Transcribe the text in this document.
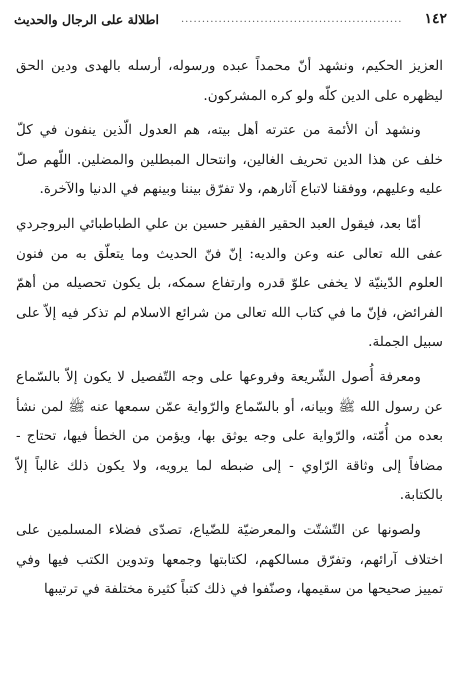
١٤٢
.....................................................
اطلالة على الرجال والحديث

العزيز الحكيم، ونشهد أنّ محمداً عبده ورسوله، أرسله بالهدى ودين الحق ليظهره على الدين كلّه ولو كره المشركون.

ونشهد أن الأئمة من عترته أهل بيته، هم العدول الّذين ينفون في كلّ خلف عن هذا الدين تحريف الغالين، وانتحال المبطلين والمضلين. اللّهم صلّ عليه وعليهم، ووفقنا لاتباع آثارهم، ولا تفرّق بيننا وبينهم في الدنيا والآخرة.

أمّا بعد، فيقول العبد الحقير الفقير حسين بن علي الطباطبائي البروجردي عفى الله تعالى عنه وعن والديه: إنّ فنّ الحديث وما يتعلّق به من فنون العلوم الدّينيّة لا يخفى علوّ قدره وارتفاع سمكه، بل يكون تحصيله من أهمّ الفرائض، فإنّ ما في كتاب الله تعالى من شرائع الاسلام لم تذكر فيه إلاّ على سبيل الجملة.

ومعرفة أُصول الشّريعة وفروعها على وجه التّفصيل لا يكون إلاّ بالسّماع عن رسول الله ﷺ وبيانه، أو بالسّماع والرّواية عمّن سمعها عنه ﷺ لمن نشأ بعده من أُمّته، والرّواية على وجه يوثق بها، ويؤمن من الخطأ فيها، تحتاج - مضافاً إلى وثاقة الرّاوي - إلى ضبطه لما يرويه، ولا يكون ذلك غالباً إلاّ بالكتابة.

ولصونها عن التّشتّت والمعرضيّة للضّياع، تصدّى فضلاء المسلمين على اختلاف آرائهم، وتفرّق مسالكهم، لكتابتها وجمعها وتدوين الكتب فيها وفي تمييز صحيحها من سقيمها، وصنّفوا في ذلك كتباً كثيرة مختلفة في ترتيبها
